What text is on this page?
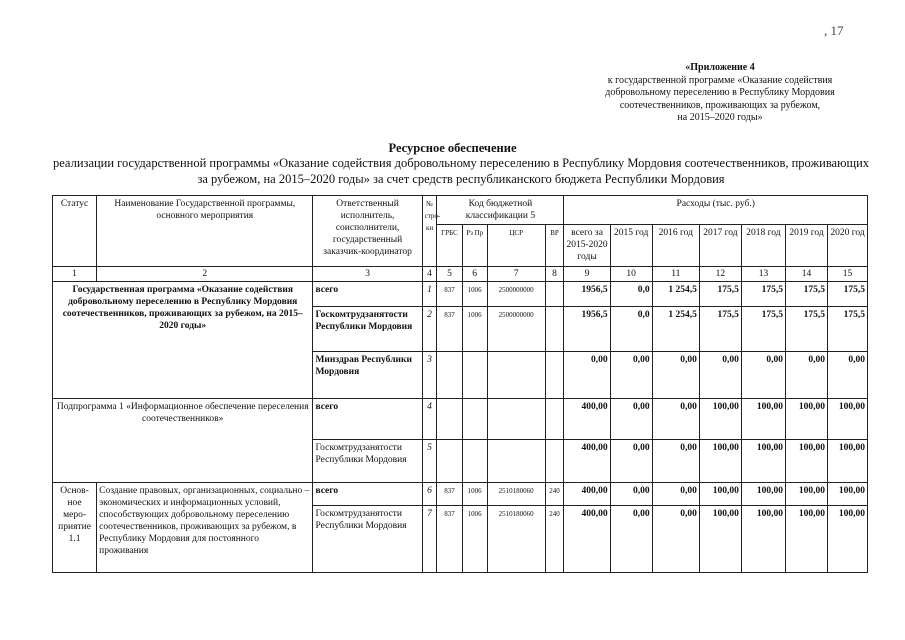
, 17
«Приложение 4
к государственной программе «Оказание содействия
добровольному переселению в Республику Мордовия
соотечественников, проживающих за рубежом,
на 2015–2020 годы»
Ресурсное обеспечение
реализации государственной программы «Оказание содействия добровольному переселению в Республику Мордовия соотечественников, проживающих
за рубежом, на 2015–2020 годы» за счет средств республиканского бюджета Республики Мордовия
Статус	Наименование Государственной программы, основного мероприятия	Ответственный исполнитель, соисполнители, государственный заказчик-координатор	№ стро-ки	Код бюджетной классификации 5				Расходы (тыс. руб.)						
				ГРБС	Рз Пр	ЦСР	ВР	всего за 2015-2020 годы	2015 год	2016 год	2017 год	2018 год	2019 год	2020 год
1	2	3	4	5	6	7	8	9	10	11	12	13	14	15
Государственная программа «Оказание содействия добровольному переселению в Республику Мордовия соотечественников, проживающих за рубежом, на 2015–2020 годы»		всего	1	837	1006	2500000000		1956,5	0,0	1 254,5	175,5	175,5	175,5	175,5
		Госкомтрудзанятости Республики Мордовия	2	837	1006	2500000000		1956,5	0,0	1 254,5	175,5	175,5	175,5	175,5
		Минздрав Республики Мордовия	3					0,00	0,00	0,00	0,00	0,00	0,00	0,00
Подпрограмма 1 «Информационное обеспечение переселения соотечественников»		всего	4					400,00	0,00	0,00	100,00	100,00	100,00	100,00
		Госкомтрудзанятости Республики Мордовия	5					400,00	0,00	0,00	100,00	100,00	100,00	100,00
Основ-ное меро-приятие 1.1	Создание правовых, организационных, социально – экономических и информационных условий, способствующих добровольному переселению соотечественников, проживающих за рубежом, в Республику Мордовия для постоянного проживания	всего	6	837	1006	2510180060	240	400,00	0,00	0,00	100,00	100,00	100,00	100,00
		Госкомтрудзанятости Республики Мордовия	7	837	1006	2510180060	240	400,00	0,00	0,00	100,00	100,00	100,00	100,00
